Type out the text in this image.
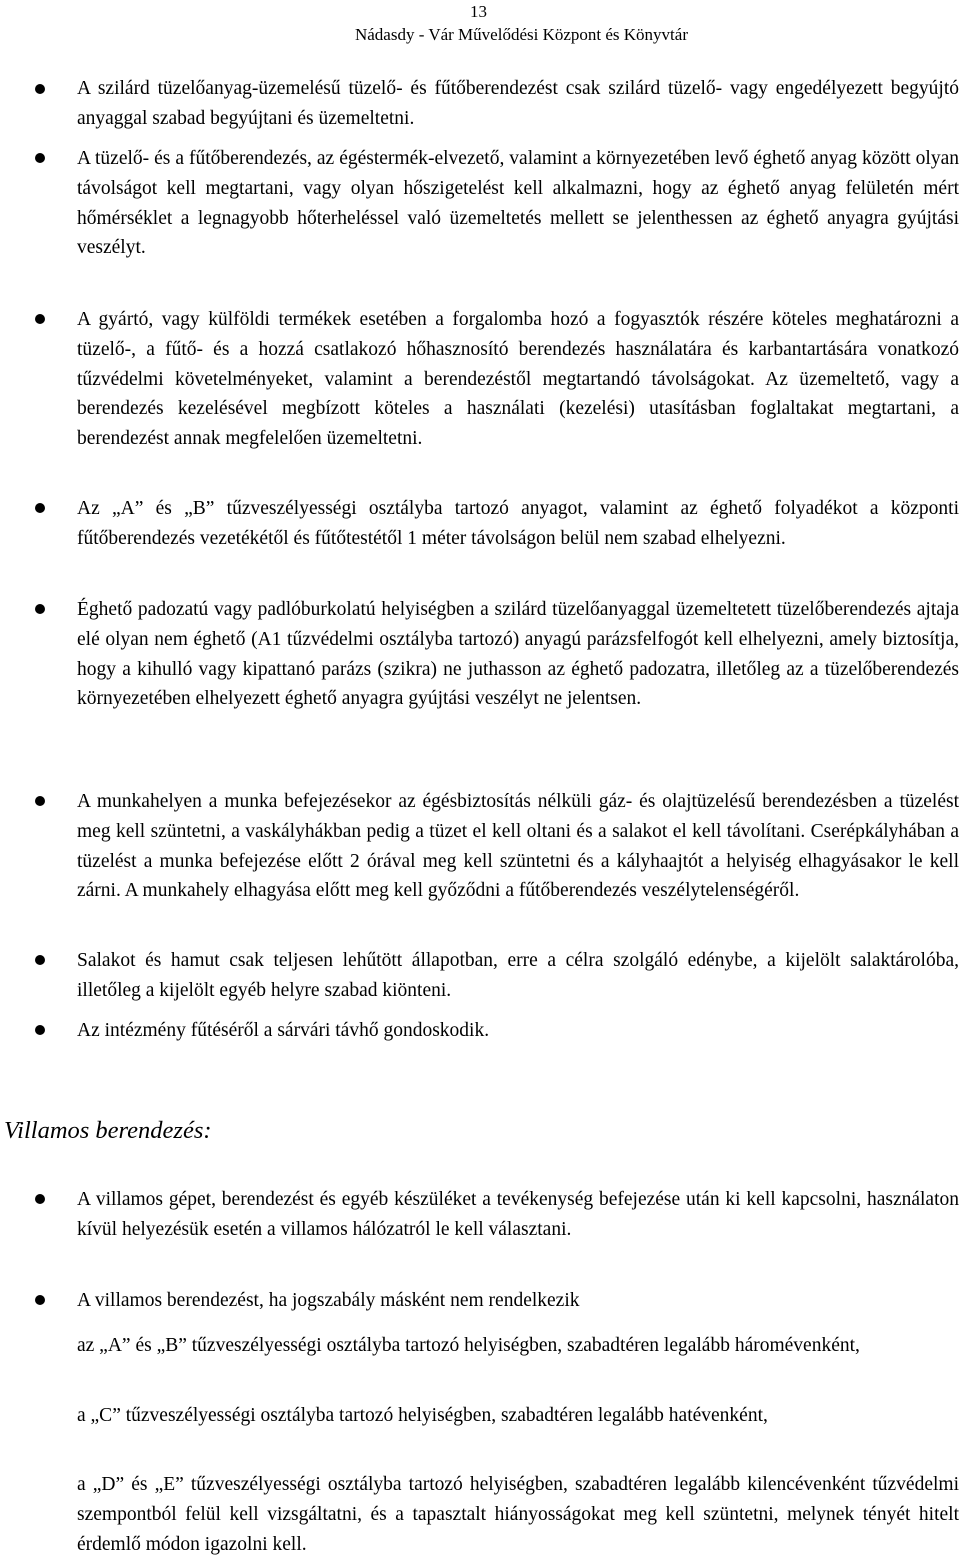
13
Nádasdy - Vár Művelődési Központ és Könyvtár
A szilárd tüzelőanyag-üzemelésű tüzelő- és fűtőberendezést csak szilárd tüzelő- vagy engedélyezett begyújtó anyaggal szabad begyújtani és üzemeltetni.
A tüzelő- és a fűtőberendezés, az égéstermék-elvezető, valamint a környezetében levő éghető anyag között olyan távolságot kell megtartani, vagy olyan hőszigetelést kell alkalmazni, hogy az éghető anyag felületén mért hőmérséklet a legnagyobb hőterheléssel való üzemeltetés mellett se jelenthessen az éghető anyagra gyújtási veszélyt.
A gyártó, vagy külföldi termékek esetében a forgalomba hozó a fogyasztók részére köteles meghatározni a tüzelő-, a fűtő- és a hozzá csatlakozó hőhasznosító berendezés használatára és karbantartására vonatkozó tűzvédelmi követelményeket, valamint a berendezéstől megtartandó távolságokat. Az üzemeltető, vagy a berendezés kezelésével megbízott köteles a használati (kezelési) utasításban foglaltakat megtartani, a berendezést annak megfelelően üzemeltetni.
Az „A” és „B” tűzveszélyességi osztályba tartozó anyagot, valamint az éghető folyadékot a központi fűtőberendezés vezetékétől és fűtőtestétől 1 méter távolságon belül nem szabad elhelyezni.
Éghető padozatú vagy padlóburkolatú helyiségben a szilárd tüzelőanyaggal üzemeltetett tüzelőberendezés ajtaja elé olyan nem éghető (A1 tűzvédelmi osztályba tartozó) anyagú parázsfelfogót kell elhelyezni, amely biztosítja, hogy a kihulló vagy kipattanó parázs (szikra) ne juthasson az éghető padozatra, illetőleg az a tüzelőberendezés környezetében elhelyezett éghető anyagra gyújtási veszélyt ne jelentsen.
A munkahelyen a munka befejezésekor az égésbiztosítás nélküli gáz- és olajtüzelésű berendezésben a tüzelést meg kell szüntetni, a vaskályhákban pedig a tüzet el kell oltani és a salakot el kell távolítani. Cserépkályhában a tüzelést a munka befejezése előtt 2 órával meg kell szüntetni és a kályhaajtót a helyiség elhagyásakor le kell zárni. A munkahely elhagyása előtt meg kell győződni a fűtőberendezés veszélytelenségéről.
Salakot és hamut csak teljesen lehűtött állapotban, erre a célra szolgáló edénybe, a kijelölt salaktárolóba, illetőleg a kijelölt egyéb helyre szabad kiönteni.
Az intézmény fűtéséről a sárvári távhő gondoskodik.
Villamos berendezés:
A villamos gépet, berendezést és egyéb készüléket a tevékenység befejezése után ki kell kapcsolni, használaton kívül helyezésük esetén a villamos hálózatról le kell választani.
A villamos berendezést, ha jogszabály másként nem rendelkezik
az „A” és „B” tűzveszélyességi osztályba tartozó helyiségben, szabadtéren legalább háromévenként,
a „C” tűzveszélyességi osztályba tartozó helyiségben, szabadtéren legalább hatévenként,
a „D” és „E” tűzveszélyességi osztályba tartozó helyiségben, szabadtéren legalább kilencévenként tűzvédelmi szempontból felül kell vizsgáltatni, és a tapasztalt hiányosságokat meg kell szüntetni, melynek tényét hitelt érdemlő módon igazolni kell.
